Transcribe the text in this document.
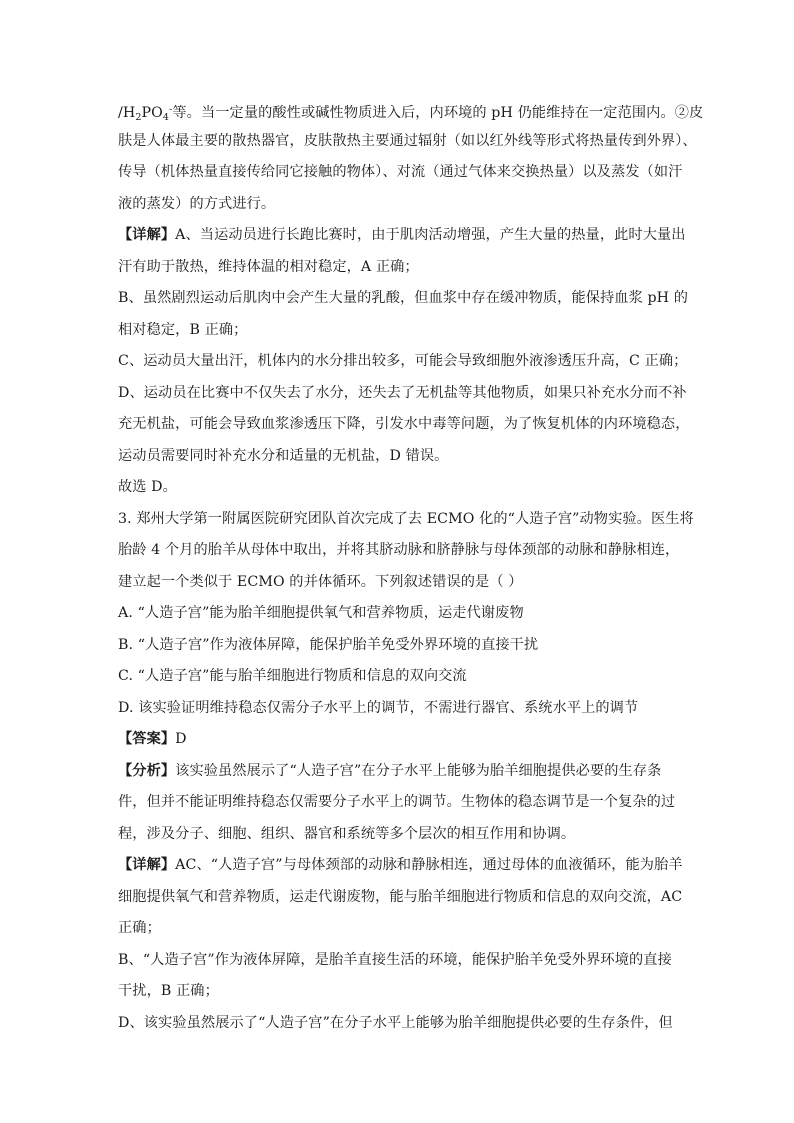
$/H_2PO_4^-$等。当一定量的酸性或碱性物质进入后，内环境的 pH 仍能维持在一定范围内。②皮
肤是人体最主要的散热器官，皮肤散热主要通过辐射（如以红外线等形式将热量传到外界）、
传导（机体热量直接传给同它接触的物体）、对流（通过气体来交换热量）以及蒸发（如汗
液的蒸发）的方式进行。
【详解】A、当运动员进行长跑比赛时，由于肌肉活动增强，产生大量的热量，此时大量出
汗有助于散热，维持体温的相对稳定，A 正确；
B、虽然剧烈运动后肌肉中会产生大量的乳酸，但血浆中存在缓冲物质，能保持血浆 pH 的
相对稳定，B 正确；
C、运动员大量出汗，机体内的水分排出较多，可能会导致细胞外液渗透压升高，C 正确；
D、运动员在比赛中不仅失去了水分，还失去了无机盐等其他物质，如果只补充水分而不补
充无机盐，可能会导致血浆渗透压下降，引发水中毒等问题，为了恢复机体的内环境稳态，
运动员需要同时补充水分和适量的无机盐，D 错误。
故选 D。
3. 郑州大学第一附属医院研究团队首次完成了去 ECMO 化的“人造子宫”动物实验。医生将
胎龄 4 个月的胎羊从母体中取出，并将其脐动脉和脐静脉与母体颈部的动脉和静脉相连，
建立起一个类似于 ECMO 的并体循环。下列叙述错误的是（ ）
A. “人造子宫”能为胎羊细胞提供氧气和营养物质，运走代谢废物
B. “人造子宫”作为液体屏障，能保护胎羊免受外界环境的直接干扰
C. “人造子宫”能与胎羊细胞进行物质和信息的双向交流
D. 该实验证明维持稳态仅需分子水平上的调节，不需进行器官、系统水平上的调节
【答案】D
【分析】该实验虽然展示了“人造子宫”在分子水平上能够为胎羊细胞提供必要的生存条
件，但并不能证明维持稳态仅需要分子水平上的调节。生物体的稳态调节是一个复杂的过
程，涉及分子、细胞、组织、器官和系统等多个层次的相互作用和协调。
【详解】AC、“人造子宫”与母体颈部的动脉和静脉相连，通过母体的血液循环，能为胎羊
细胞提供氧气和营养物质，运走代谢废物，能与胎羊细胞进行物质和信息的双向交流，AC
正确；
B、“人造子宫”作为液体屏障，是胎羊直接生活的环境，能保护胎羊免受外界环境的直接
干扰，B 正确；
D、该实验虽然展示了“人造子宫”在分子水平上能够为胎羊细胞提供必要的生存条件，但
